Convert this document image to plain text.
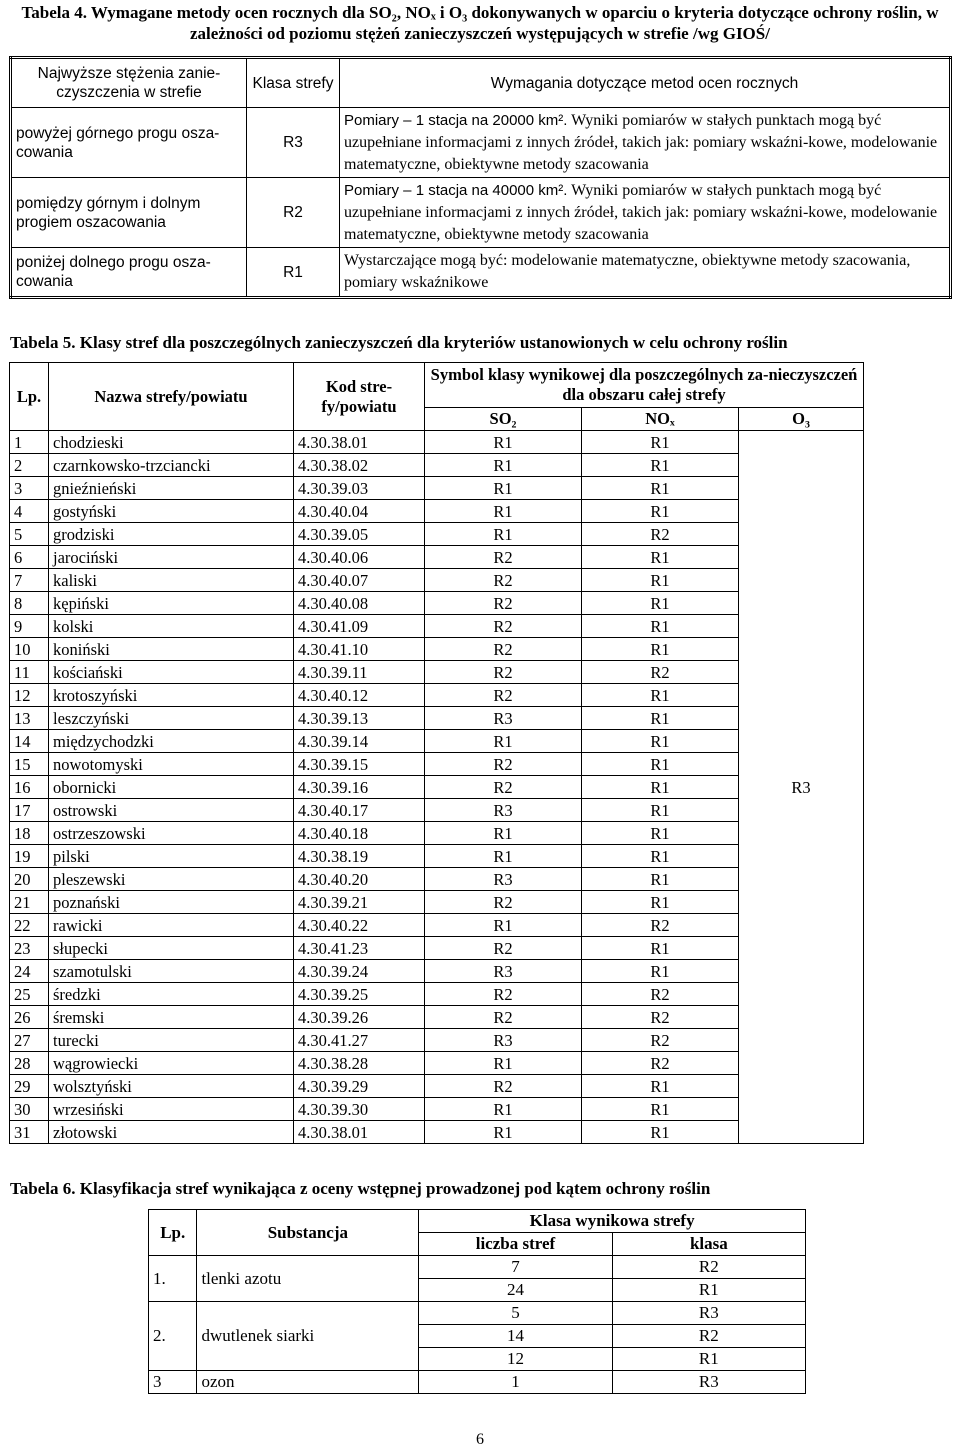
Tabela 4. Wymagane metody ocen rocznych dla SO₂, NOₓ i O₃ dokonywanych w oparciu o kryteria dotyczące ochrony roślin, w zależności od poziomu stężeń zanieczyszczeń występujących w strefie /wg GIOŚ/
Najwyższe stężenia zanie-czyszczenia w strefie	Klasa strefy	Wymagania dotyczące metod ocen rocznych
powyżej górnego progu osza-cowania	R3	Pomiary – 1 stacja na 20000 km². Wyniki pomiarów w stałych punktach mogą być uzupełniane informacjami z innych źródeł, takich jak: pomiary wskaźni-kowe, modelowanie matematyczne, obiektywne metody szacowania
pomiędzy górnym i dolnym progiem oszacowania	R2	Pomiary – 1 stacja na 40000 km². Wyniki pomiarów w stałych punktach mogą być uzupełniane informacjami z innych źródeł, takich jak: pomiary wskaźni-kowe, modelowanie matematyczne, obiektywne metody szacowania
poniżej dolnego progu osza-cowania	R1	Wystarczające mogą być: modelowanie matematyczne, obiektywne metody szacowania, pomiary wskaźnikowe
Tabela 5. Klasy stref dla poszczególnych zanieczyszczeń dla kryteriów ustanowionych w celu ochrony roślin
Lp.	Nazwa strefy/powiatu	Kod stre-fy/powiatu	Symbol klasy wynikowej dla poszczególnych za-nieczyszczeń dla obszaru całej strefy		
			SO₂	NOₓ	O₃
1	chodzieski	4.30.38.01	R1	R1	R3
2	czarnkowsko-trzciancki	4.30.38.02	R1	R1	
3	gnieźnieński	4.30.39.03	R1	R1	
4	gostyński	4.30.40.04	R1	R1	
5	grodziski	4.30.39.05	R1	R2	
6	jarociński	4.30.40.06	R2	R1	
7	kaliski	4.30.40.07	R2	R1	
8	kępiński	4.30.40.08	R2	R1	
9	kolski	4.30.41.09	R2	R1	
10	koniński	4.30.41.10	R2	R1	
11	kościański	4.30.39.11	R2	R2	
12	krotoszyński	4.30.40.12	R2	R1	
13	leszczyński	4.30.39.13	R3	R1	
14	międzychodzki	4.30.39.14	R1	R1	
15	nowotomyski	4.30.39.15	R2	R1	
16	obornicki	4.30.39.16	R2	R1	
17	ostrowski	4.30.40.17	R3	R1	
18	ostrzeszowski	4.30.40.18	R1	R1	
19	pilski	4.30.38.19	R1	R1	
20	pleszewski	4.30.40.20	R3	R1	
21	poznański	4.30.39.21	R2	R1	
22	rawicki	4.30.40.22	R1	R2	
23	słupecki	4.30.41.23	R2	R1	
24	szamotulski	4.30.39.24	R3	R1	
25	średzki	4.30.39.25	R2	R2	
26	śremski	4.30.39.26	R2	R2	
27	turecki	4.30.41.27	R3	R2	
28	wągrowiecki	4.30.38.28	R1	R2	
29	wolsztyński	4.30.39.29	R2	R1	
30	wrzesiński	4.30.39.30	R1	R1	
31	złotowski	4.30.38.01	R1	R1	
Tabela 6. Klasyfikacja stref wynikająca z oceny wstępnej prowadzonej pod kątem ochrony roślin
Lp.	Substancja	Klasa wynikowa strefy	
		liczba stref	klasa
1.	tlenki azotu	7	R2
		24	R1
2.	dwutlenek siarki	5	R3
		14	R2
		12	R1
3	ozon	1	R3
6
